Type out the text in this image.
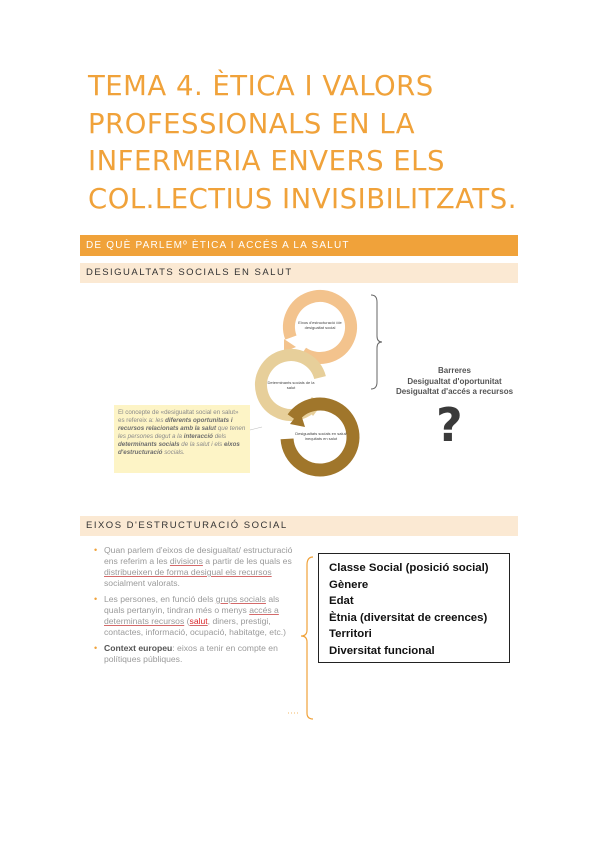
TEMA 4. ÈTICA I VALORS
PROFESSIONALS EN LA
INFERMERIA ENVERS ELS
COL.LECTIUS INVISIBILITZATS.
DE QUÈ PARLEMº ÈTICA I ACCÉS A LA SALUT
DESIGUALTATS SOCIALS EN SALUT
Eixos d'estructuració /de desigualtat social
Determinants socials de la salut
Desigualtats socials en salut/ inequitats en salut
El concepte de «desigualtat social en salut» es refereix a: les diferents oportunitats i recursos relacionats amb la salut que tenen les persones degut a la interacció dels determinants socials de la salut i els eixos d'estructuració socials.
Barreres
Desigualtat d'oportunitat
Desigualtat d'accés a recursos
?
EIXOS D'ESTRUCTURACIÓ SOCIAL
• Quan parlem d'eixos de desigualtat/ estructuració ens referim a les divisions a partir de les quals es distribueixen de forma desigual els recursos socialment valorats.
• Les persones, en funció dels grups socials als quals pertanyin, tindran més o menys accés a determinats recursos (salut, diners, prestigi, contactes, informació, ocupació, habitatge, etc.)
• Context europeu: eixos a tenir en compte en polítiques públiques.
Classe Social (posició social)
Gènere
Edat
Ètnia (diversitat de creences)
Territori
Diversitat funcional
